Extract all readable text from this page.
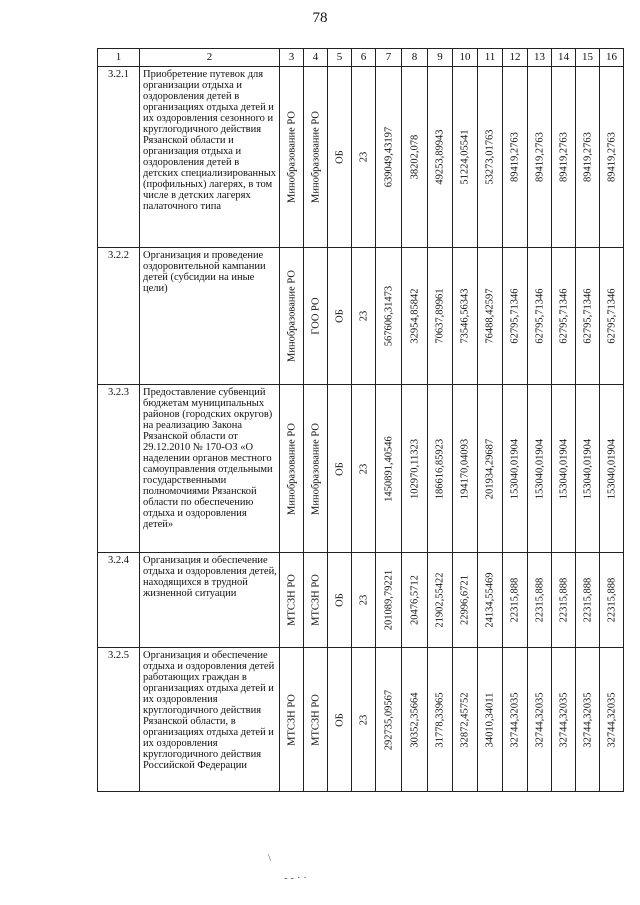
78
1	2	3	4	5	6	7	8	9	10	11	12	13	14	15	16
3.2.1	Приобретение путевок для организации отдыха и оздоровления детей в организациях отдыха детей и их оздоровления сезонного и круглогодичного действия Рязанской области и организация отдыха и оздоровления детей в детских специализированных (профильных) лагерях, в том числе в детских лагерях палаточного типа	Минобразование РО	Минобразование РО	ОБ	23	639049,43197	38202,078	49253,89943	51224,05541	53273,01763	89419,2763	89419,2763	89419,2763	89419,2763	89419,2763

3.2.2	Организация и проведение оздоровительной кампании детей (субсидии на иные цели)	Минобразование РО	ГОО РО	ОБ	23	567606,31473	32954,85842	70637,89961	73546,56343	76488,42597	62795,71346	62795,71346	62795,71346	62795,71346	62795,71346

3.2.3	Предоставление субвенций бюджетам муниципальных районов (городских округов) на реализацию Закона Рязанской области от 29.12.2010 № 170-ОЗ «О наделении органов местного самоуправления отдельными государственными полномочиями Рязанской области по обеспечению отдыха и оздоровления детей»	Минобразование РО	Минобразование РО	ОБ	23	1450891,40546	102970,11323	186616,85923	194170,04093	201934,29687	153040,01904	153040,01904	153040,01904	153040,01904	153040,01904

3.2.4	Организация и обеспечение отдыха и оздоровления детей, находящихся в трудной жизненной ситуации	МТСЗН РО	МТСЗН РО	ОБ	23	201089,79221	20476,5712	21902,55422	22996,6721	24134,55469	22315,888	22315,888	22315,888	22315,888	22315,888

3.2.5	Организация и обеспечение отдыха и оздоровления детей работающих граждан в организациях отдыха детей и их оздоровления круглогодичного действия Рязанской области, в организациях отдыха детей и их оздоровления круглогодичного действия Российской Федерации	МТСЗН РО	МТСЗН РО	ОБ	23	292735,09567	30352,35664	31778,33965	32872,45752	34010,34011	32744,32035	32744,32035	32744,32035	32744,32035	32744,32035
\
- - · ·
